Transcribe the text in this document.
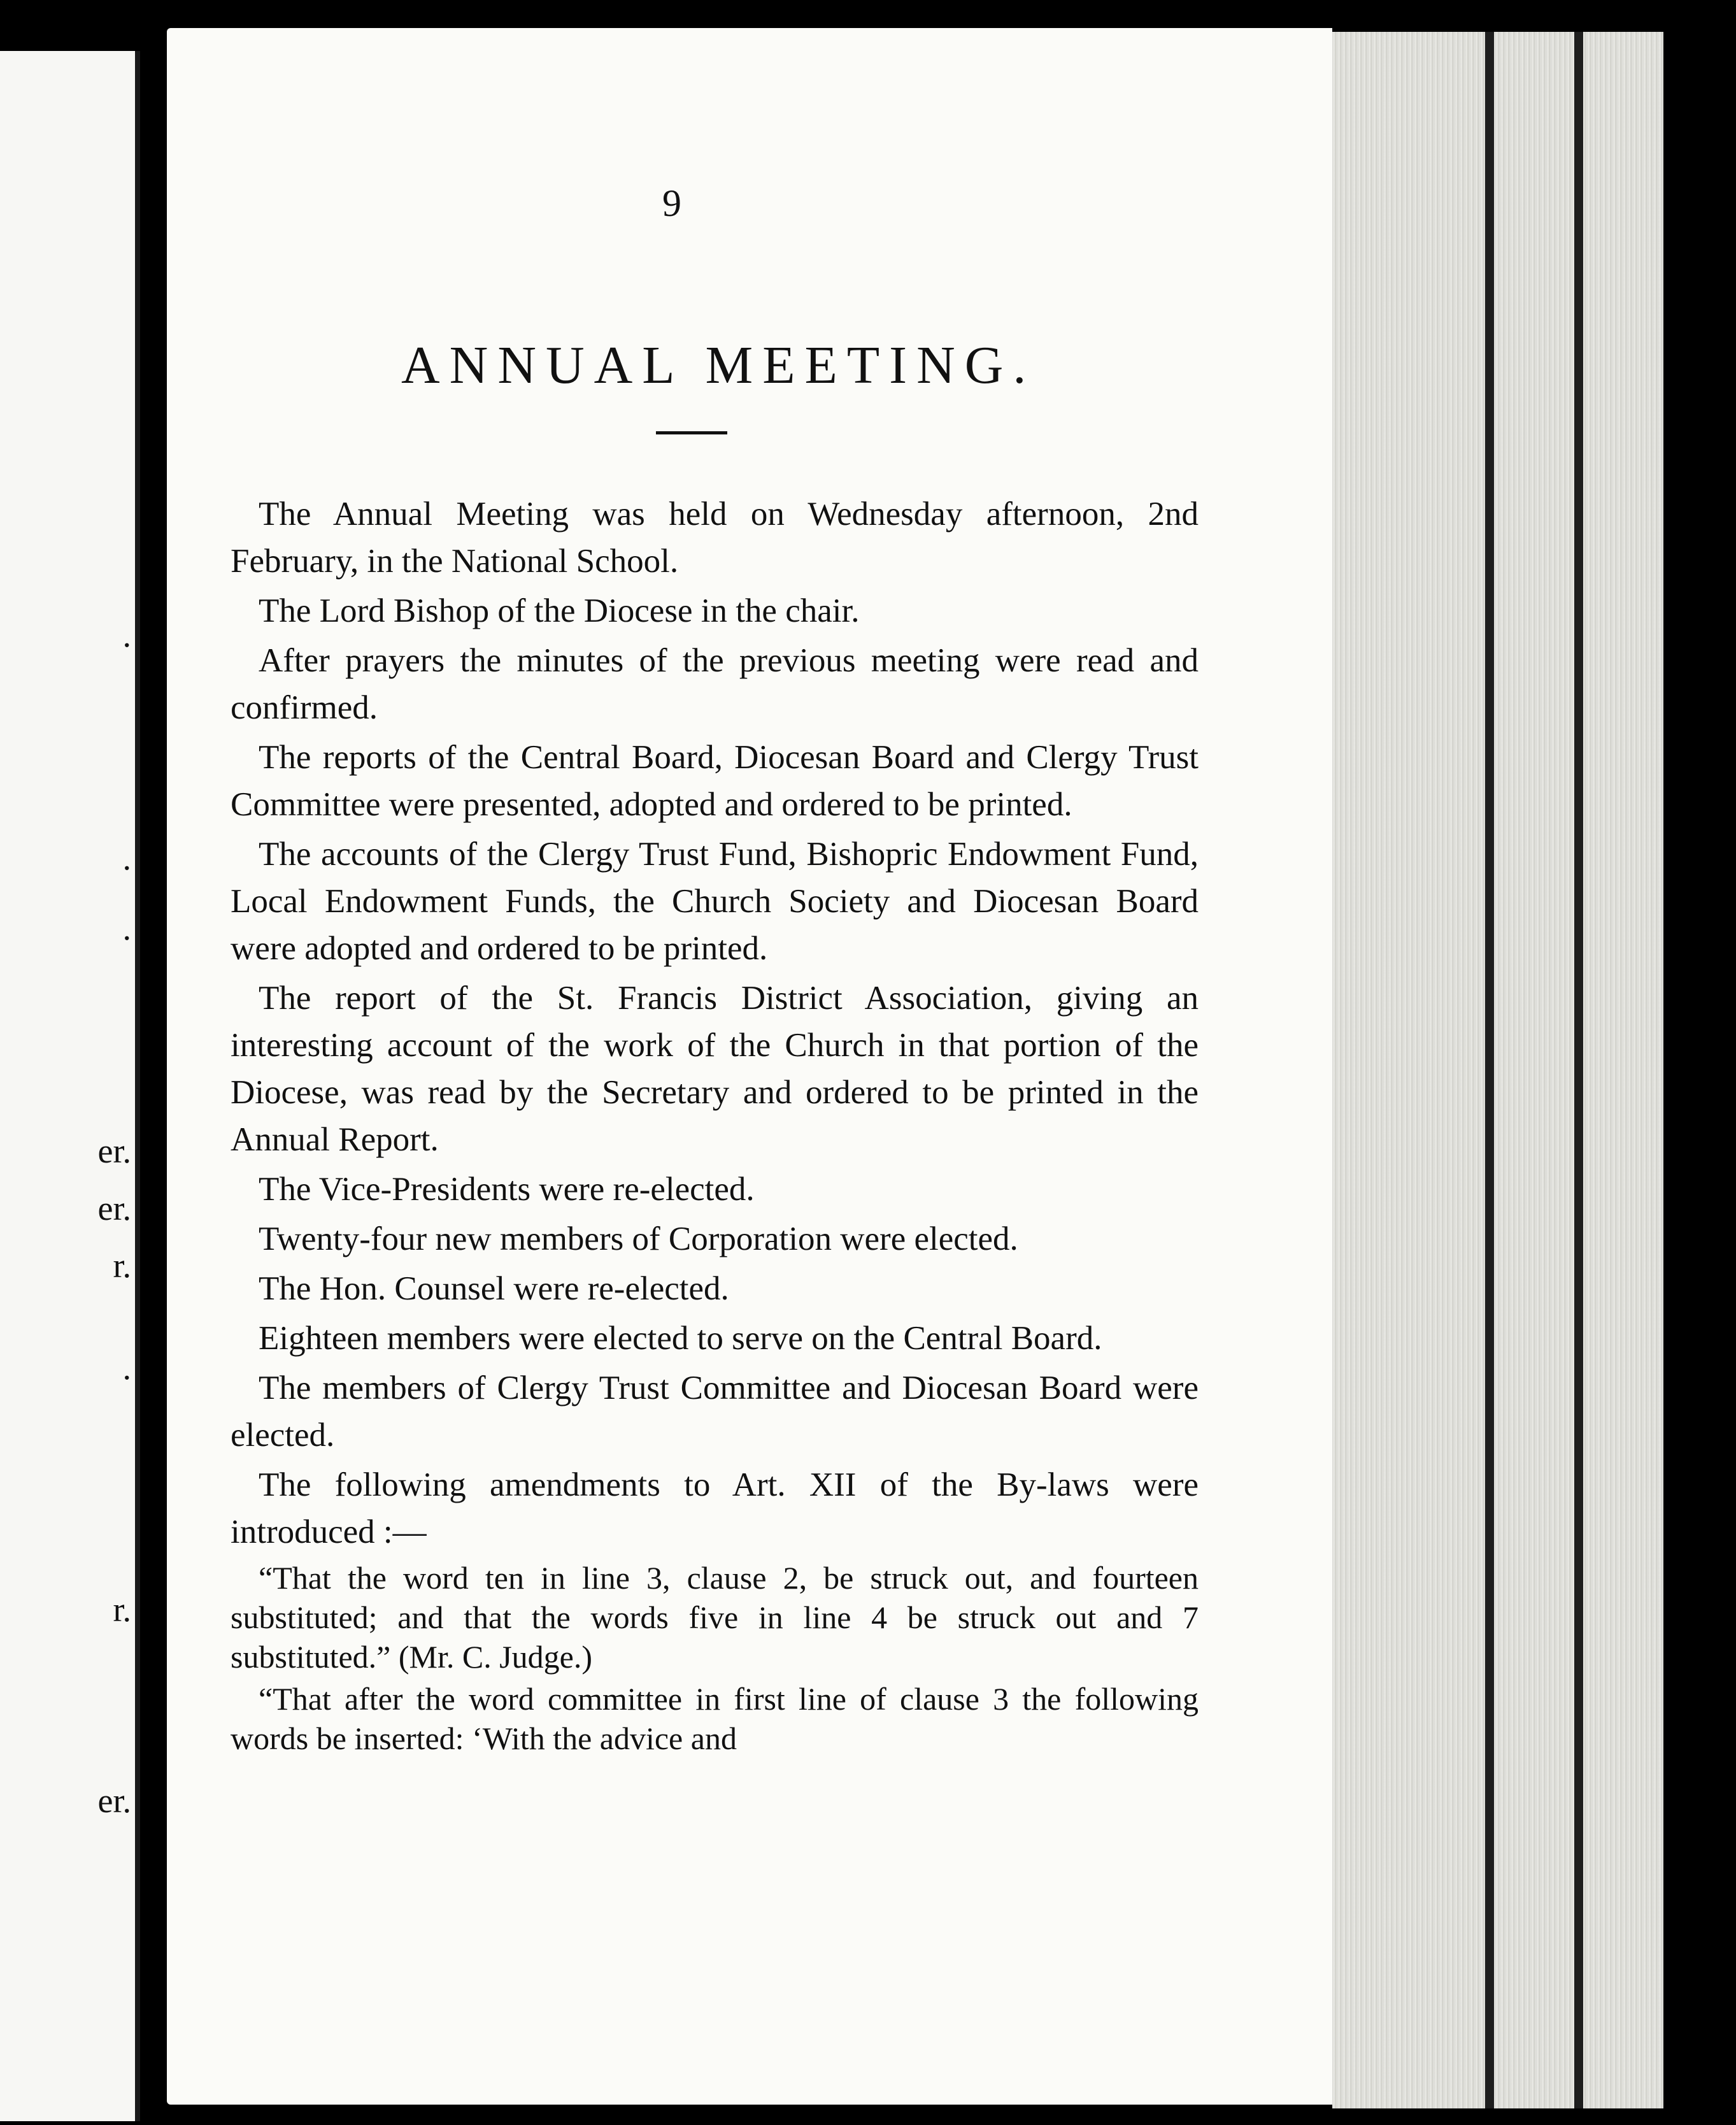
.
.
.
er.
er.
r.
.
r.
er.
9
ANNUAL MEETING.

The Annual Meeting was held on Wednesday afternoon, 2nd February, in the National School.

The Lord Bishop of the Diocese in the chair.

After prayers the minutes of the previous meeting were read and confirmed.

The reports of the Central Board, Diocesan Board and Clergy Trust Committee were presented, adopted and ordered to be printed.

The accounts of the Clergy Trust Fund, Bishopric Endowment Fund, Local Endowment Funds, the Church Society and Diocesan Board were adopted and ordered to be printed.

The report of the St. Francis District Association, giving an interesting account of the work of the Church in that portion of the Diocese, was read by the Secretary and ordered to be printed in the Annual Report.

The Vice-Presidents were re-elected.

Twenty-four new members of Corporation were elected.

The Hon. Counsel were re-elected.

Eighteen members were elected to serve on the Central Board.

The members of Clergy Trust Committee and Diocesan Board were elected.

The following amendments to Art. XII of the By-laws were introduced :—

“That the word ten in line 3, clause 2, be struck out, and fourteen substituted; and that the words five in line 4 be struck out and 7 substituted.” (Mr. C. Judge.)

“That after the word committee in first line of clause 3 the following words be inserted: ‘With the advice and
